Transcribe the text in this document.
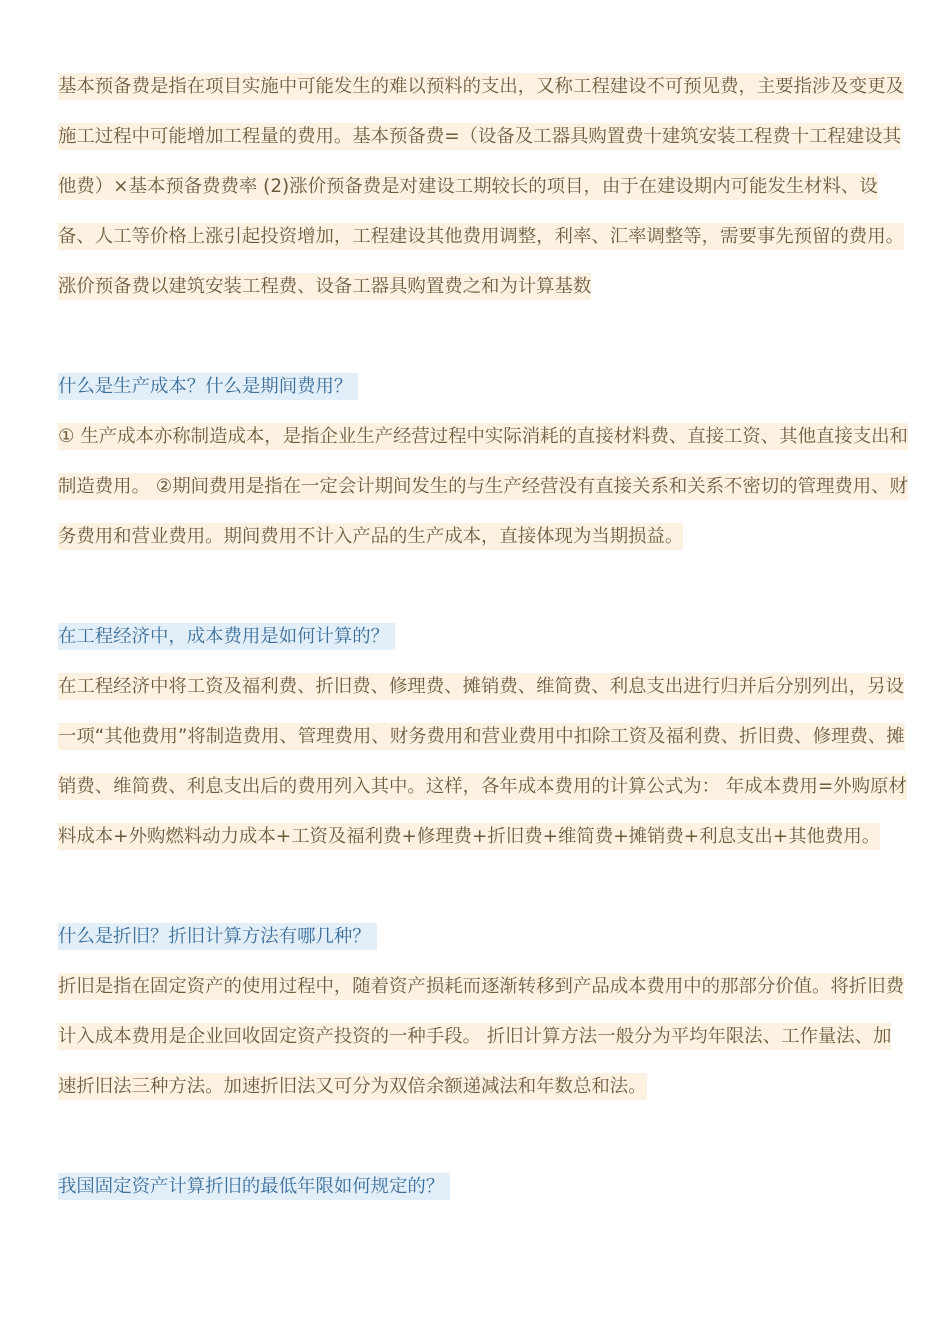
基本预备费是指在项目实施中可能发生的难以预料的支出，又称工程建设不可预见费，主要指涉及变更及施工过程中可能增加工程量的费用。基本预备费=（设备及工器具购置费十建筑安装工程费十工程建设其他费）×基本预备费费率 (2)涨价预备费是对建设工期较长的项目，由于在建设期内可能发生材料、设备、人工等价格上涨引起投资增加，工程建设其他费用调整，利率、汇率调整等，需要事先预留的费用。涨价预备费以建筑安装工程费、设备工器具购置费之和为计算基数

什么是生产成本？什么是期间费用？

① 生产成本亦称制造成本，是指企业生产经营过程中实际消耗的直接材料费、直接工资、其他直接支出和制造费用。 ②期间费用是指在一定会计期间发生的与生产经营没有直接关系和关系不密切的管理费用、财务费用和营业费用。期间费用不计入产品的生产成本，直接体现为当期损益。

在工程经济中，成本费用是如何计算的？

在工程经济中将工资及福利费、折旧费、修理费、摊销费、维简费、利息支出进行归并后分别列出，另设一项“其他费用”将制造费用、管理费用、财务费用和营业费用中扣除工资及福利费、折旧费、修理费、摊销费、维简费、利息支出后的费用列入其中。这样，各年成本费用的计算公式为： 年成本费用=外购原材料成本+外购燃料动力成本+工资及福利费+修理费+折旧费+维简费+摊销费+利息支出+其他费用。

什么是折旧？折旧计算方法有哪几种？

折旧是指在固定资产的使用过程中，随着资产损耗而逐渐转移到产品成本费用中的那部分价值。将折旧费计入成本费用是企业回收固定资产投资的一种手段。 折旧计算方法一般分为平均年限法、工作量法、加速折旧法三种方法。加速折旧法又可分为双倍余额递减法和年数总和法。

我国固定资产计算折旧的最低年限如何规定的？
